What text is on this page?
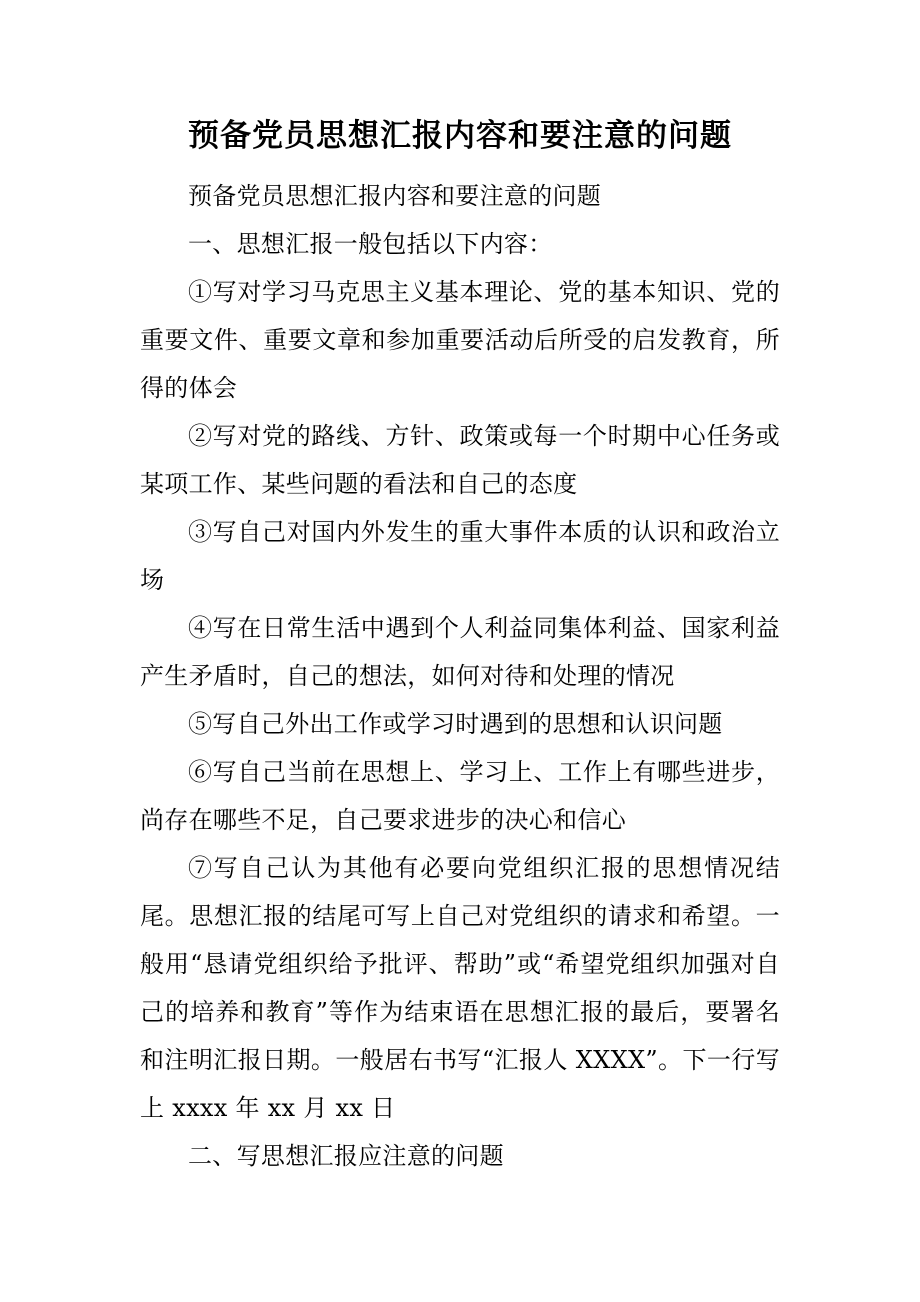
预备党员思想汇报内容和要注意的问题

预备党员思想汇报内容和要注意的问题

一、思想汇报一般包括以下内容：

①写对学习马克思主义基本理论、党的基本知识、党的重要文件、重要文章和参加重要活动后所受的启发教育，所得的体会

②写对党的路线、方针、政策或每一个时期中心任务或某项工作、某些问题的看法和自己的态度

③写自己对国内外发生的重大事件本质的认识和政治立场

④写在日常生活中遇到个人利益同集体利益、国家利益产生矛盾时，自己的想法，如何对待和处理的情况

⑤写自己外出工作或学习时遇到的思想和认识问题

⑥写自己当前在思想上、学习上、工作上有哪些进步，尚存在哪些不足，自己要求进步的决心和信心

⑦写自己认为其他有必要向党组织汇报的思想情况结尾。思想汇报的结尾可写上自己对党组织的请求和希望。一般用“恳请党组织给予批评、帮助”或“希望党组织加强对自己的培养和教育”等作为结束语在思想汇报的最后，要署名和注明汇报日期。一般居右书写“汇报人 XXXX”。下一行写上 xxxx 年 xx 月 xx 日

二、写思想汇报应注意的问题
